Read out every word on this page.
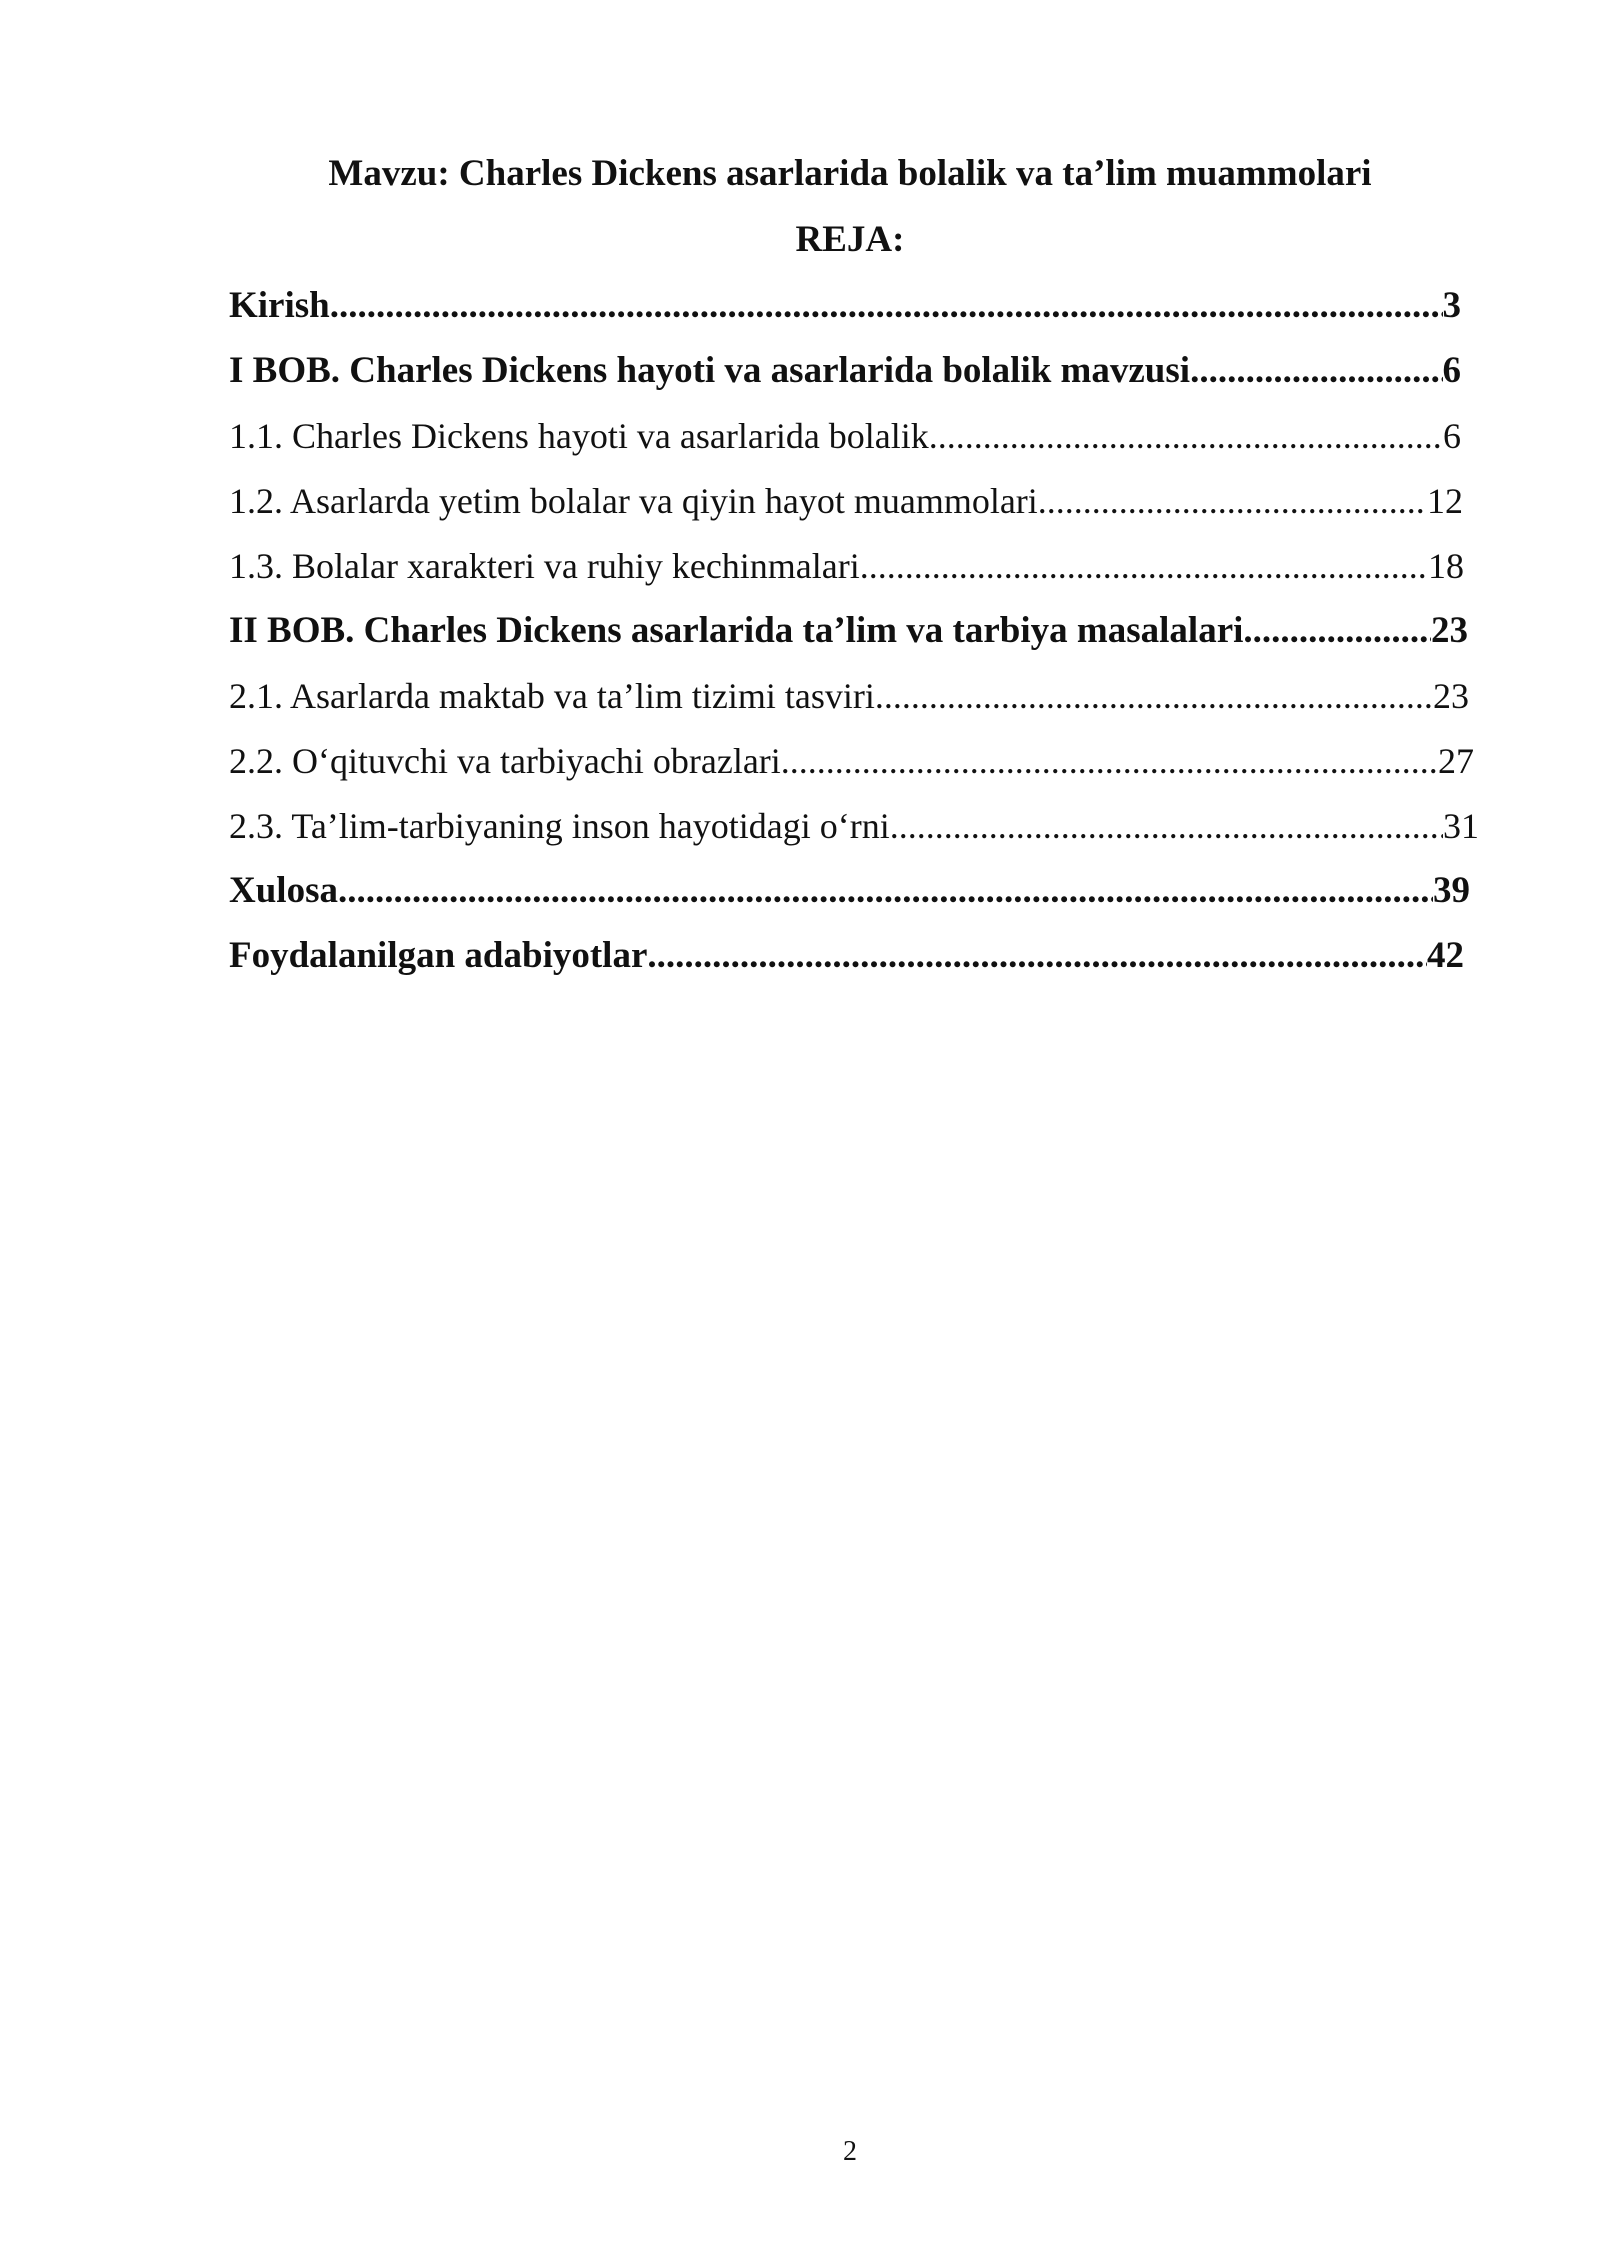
Mavzu: Charles Dickens asarlarida bolalik va ta’lim muammolari
REJA:
Kirish .....	3
I BOB. Charles Dickens hayoti va asarlarida bolalik mavzusi .....	6
1.1. Charles Dickens hayoti va asarlarida bolalik .....	6
1.2. Asarlarda yetim bolalar va qiyin hayot muammolari .....	12
1.3. Bolalar xarakteri va ruhiy kechinmalari .....	18
II BOB. Charles Dickens asarlarida ta’lim va tarbiya masalalari .....	23
2.1. Asarlarda maktab va ta’lim tizimi tasviri .....	23
2.2. O‘qituvchi va tarbiyachi obrazlari .....	27
2.3. Ta’lim-tarbiyaning inson hayotidagi o‘rni .....	31
Xulosa .....	39
Foydalanilgan adabiyotlar .....	42
2
